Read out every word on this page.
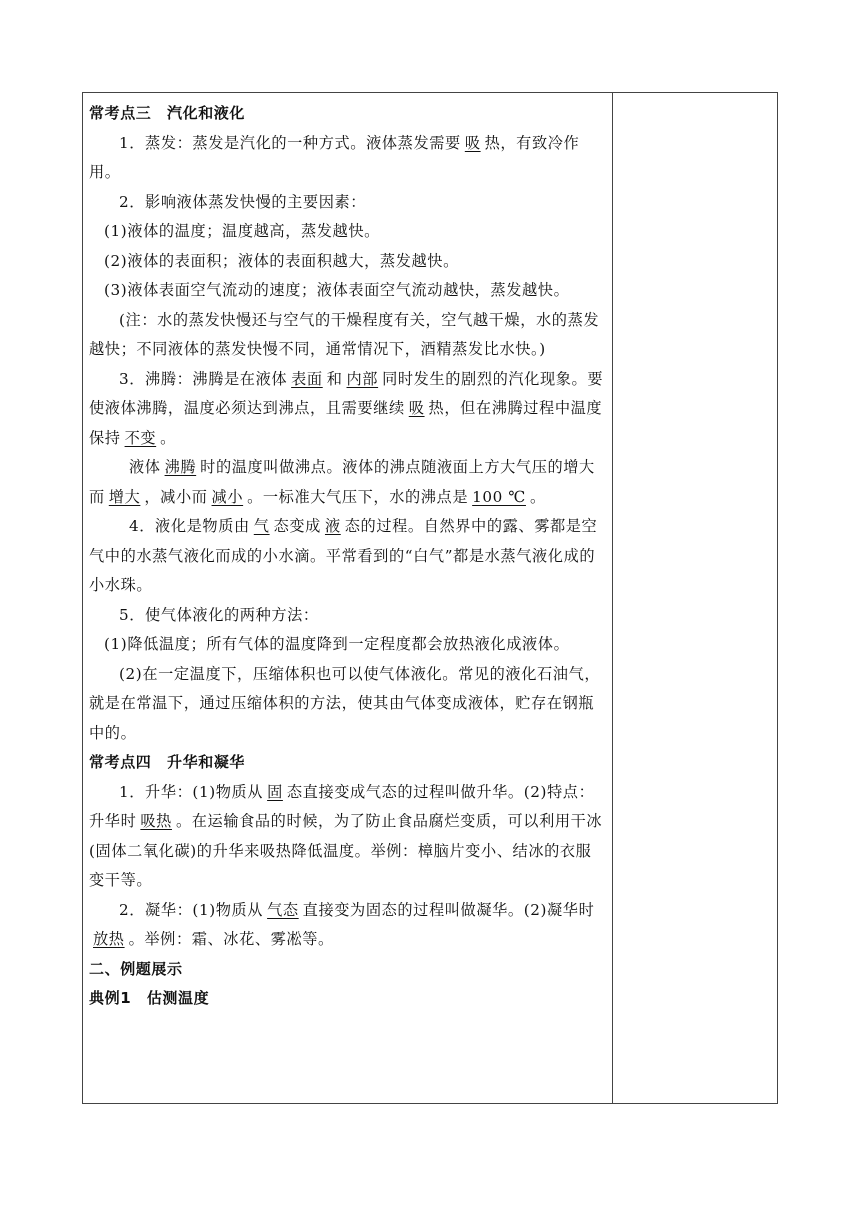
常考点三　汽化和液化

1．蒸发：蒸发是汽化的一种方式。液体蒸发需要 吸 热，有致冷作用。

2．影响液体蒸发快慢的主要因素：

(1)液体的温度；温度越高，蒸发越快。

(2)液体的表面积；液体的表面积越大，蒸发越快。

(3)液体表面空气流动的速度；液体表面空气流动越快，蒸发越快。

(注：水的蒸发快慢还与空气的干燥程度有关，空气越干燥，水的蒸发越快；不同液体的蒸发快慢不同，通常情况下，酒精蒸发比水快。)

3．沸腾：沸腾是在液体 表面 和 内部 同时发生的剧烈的汽化现象。要使液体沸腾，温度必须达到沸点，且需要继续 吸 热，但在沸腾过程中温度保持 不变 。

液体 沸腾 时的温度叫做沸点。液体的沸点随液面上方大气压的增大而 增大 ，减小而 减小 。一标准大气压下，水的沸点是 100 ℃ 。

4．液化是物质由 气 态变成 液 态的过程。自然界中的露、雾都是空气中的水蒸气液化而成的小水滴。平常看到的“白气”都是水蒸气液化成的小水珠。

5．使气体液化的两种方法：

(1)降低温度；所有气体的温度降到一定程度都会放热液化成液体。

(2)在一定温度下，压缩体积也可以使气体液化。常见的液化石油气，就是在常温下，通过压缩体积的方法，使其由气体变成液体，贮存在钢瓶中的。

常考点四　升华和凝华

1．升华：(1)物质从 固 态直接变成气态的过程叫做升华。(2)特点：升华时 吸热 。在运输食品的时候，为了防止食品腐烂变质，可以利用干冰(固体二氧化碳)的升华来吸热降低温度。举例：樟脑片变小、结冰的衣服变干等。

2．凝华：(1)物质从 气态 直接变为固态的过程叫做凝华。(2)凝华时放热 。举例：霜、冰花、雾凇等。

二、例题展示

典例1　估测温度
